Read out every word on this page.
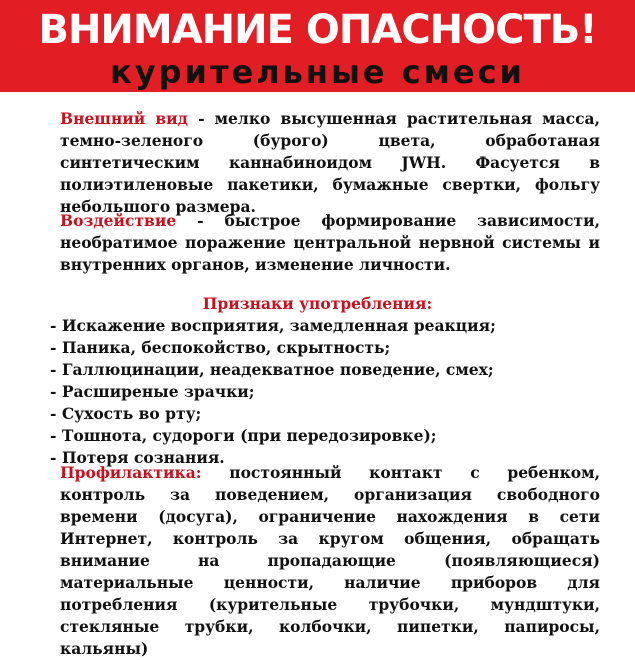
ВНИМАНИЕ ОПАСНОСТЬ!
курительные смеси
Внешний вид - мелко высушенная растительная масса, темно-зеленого (бурого) цвета, обработаная синтетическим каннабиноидом JWH. Фасуется в полиэтиленовые пакетики, бумажные свертки, фольгу небольшого размера.
Воздействие - быстрое формирование зависимости, необратимое поражение центральной нервной системы и внутренних органов, изменение личности.
Признаки употребления:
- Искажение восприятия, замедленная реакция;
- Паника, беспокойство, скрытность;
- Галлюцинации, неадекватное поведение, смех;
- Расширеные зрачки;
- Сухость во рту;
- Тошнота, судороги (при передозировке);
- Потеря сознания.
Профилактика: постоянный контакт с ребенком, контроль за поведением, организация свободного времени (досуга), ограничение нахождения в сети Интернет, контроль за кругом общения, обращать внимание на пропадающие (появляющиеся) материальные ценности, наличие приборов для потребления (курительные трубочки, мундштуки, стекляные трубки, колбочки, пипетки, папиросы, кальяны)
